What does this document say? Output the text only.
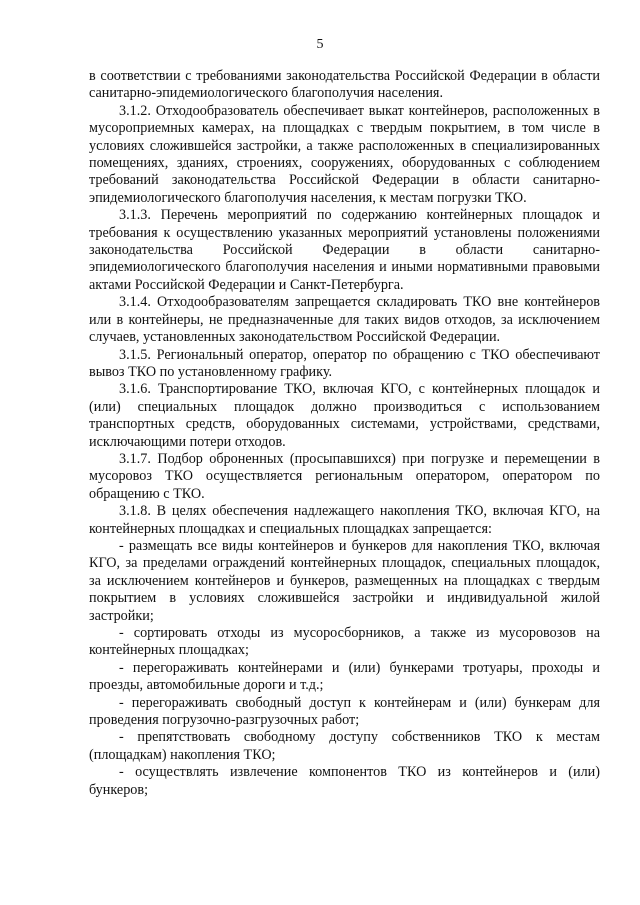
5

в соответствии с требованиями законодательства Российской Федерации в области санитарно-эпидемиологического благополучия населения.

3.1.2. Отходообразователь обеспечивает выкат контейнеров, расположенных в мусороприемных камерах, на площадках с твердым покрытием, в том числе в условиях сложившейся застройки, а также расположенных в специализированных помещениях, зданиях, строениях, сооружениях, оборудованных с соблюдением требований законодательства Российской Федерации в области санитарно-эпидемиологического благополучия населения, к местам погрузки ТКО.

3.1.3. Перечень мероприятий по содержанию контейнерных площадок и требования к осуществлению указанных мероприятий установлены положениями законодательства Российской Федерации в области санитарно-эпидемиологического благополучия населения и иными нормативными правовыми актами Российской Федерации и Санкт-Петербурга.

3.1.4. Отходообразователям запрещается складировать ТКО вне контейнеров или в контейнеры, не предназначенные для таких видов отходов, за исключением случаев, установленных законодательством Российской Федерации.

3.1.5. Региональный оператор, оператор по обращению с ТКО обеспечивают вывоз ТКО по установленному графику.

3.1.6. Транспортирование ТКО, включая КГО, с контейнерных площадок и (или) специальных площадок должно производиться с использованием транспортных средств, оборудованных системами, устройствами, средствами, исключающими потери отходов.

3.1.7. Подбор оброненных (просыпавшихся) при погрузке и перемещении в мусоровоз ТКО осуществляется региональным оператором, оператором по обращению с ТКО.

3.1.8. В целях обеспечения надлежащего накопления ТКО, включая КГО, на контейнерных площадках и специальных площадках запрещается:

- размещать все виды контейнеров и бункеров для накопления ТКО, включая КГО, за пределами ограждений контейнерных площадок, специальных площадок, за исключением контейнеров и бункеров, размещенных на площадках с твердым покрытием в условиях сложившейся застройки и индивидуальной жилой застройки;

- сортировать отходы из мусоросборников, а также из мусоровозов на контейнерных площадках;

- перегораживать контейнерами и (или) бункерами тротуары, проходы и проезды, автомобильные дороги и т.д.;

- перегораживать свободный доступ к контейнерам и (или) бункерам для проведения погрузочно-разгрузочных работ;

- препятствовать свободному доступу собственников ТКО к местам (площадкам) накопления ТКО;

- осуществлять извлечение компонентов ТКО из контейнеров и (или) бункеров;
